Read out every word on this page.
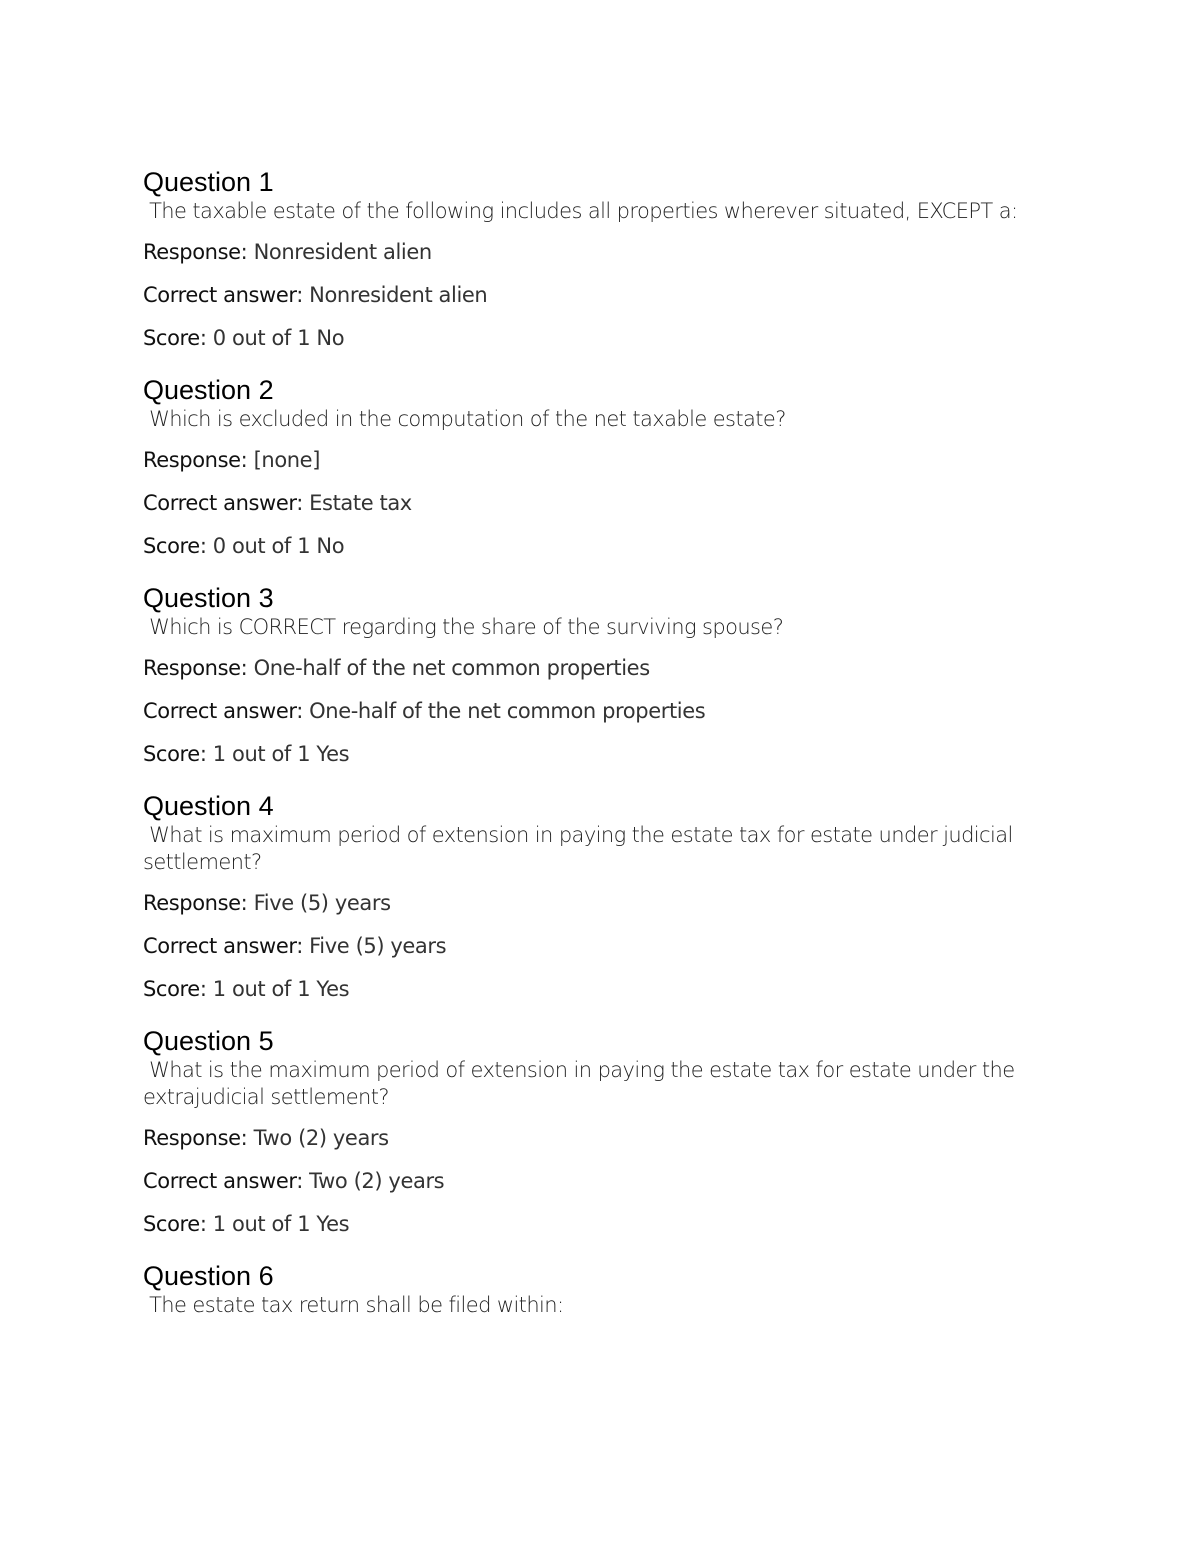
Question 1

The taxable estate of the following includes all properties wherever situated, EXCEPT a:

Response: Nonresident alien

Correct answer: Nonresident alien

Score: 0 out of 1 No

Question 2

Which is excluded in the computation of the net taxable estate?

Response: [none]

Correct answer: Estate tax

Score: 0 out of 1 No

Question 3

Which is CORRECT regarding the share of the surviving spouse?

Response: One-half of the net common properties

Correct answer: One-half of the net common properties

Score: 1 out of 1 Yes

Question 4

What is maximum period of extension in paying the estate tax for estate under judicial settlement?

Response: Five (5) years

Correct answer: Five (5) years

Score: 1 out of 1 Yes

Question 5

What is the maximum period of extension in paying the estate tax for estate under the extrajudicial settlement?

Response: Two (2) years

Correct answer: Two (2) years

Score: 1 out of 1 Yes

Question 6

The estate tax return shall be filed within:
